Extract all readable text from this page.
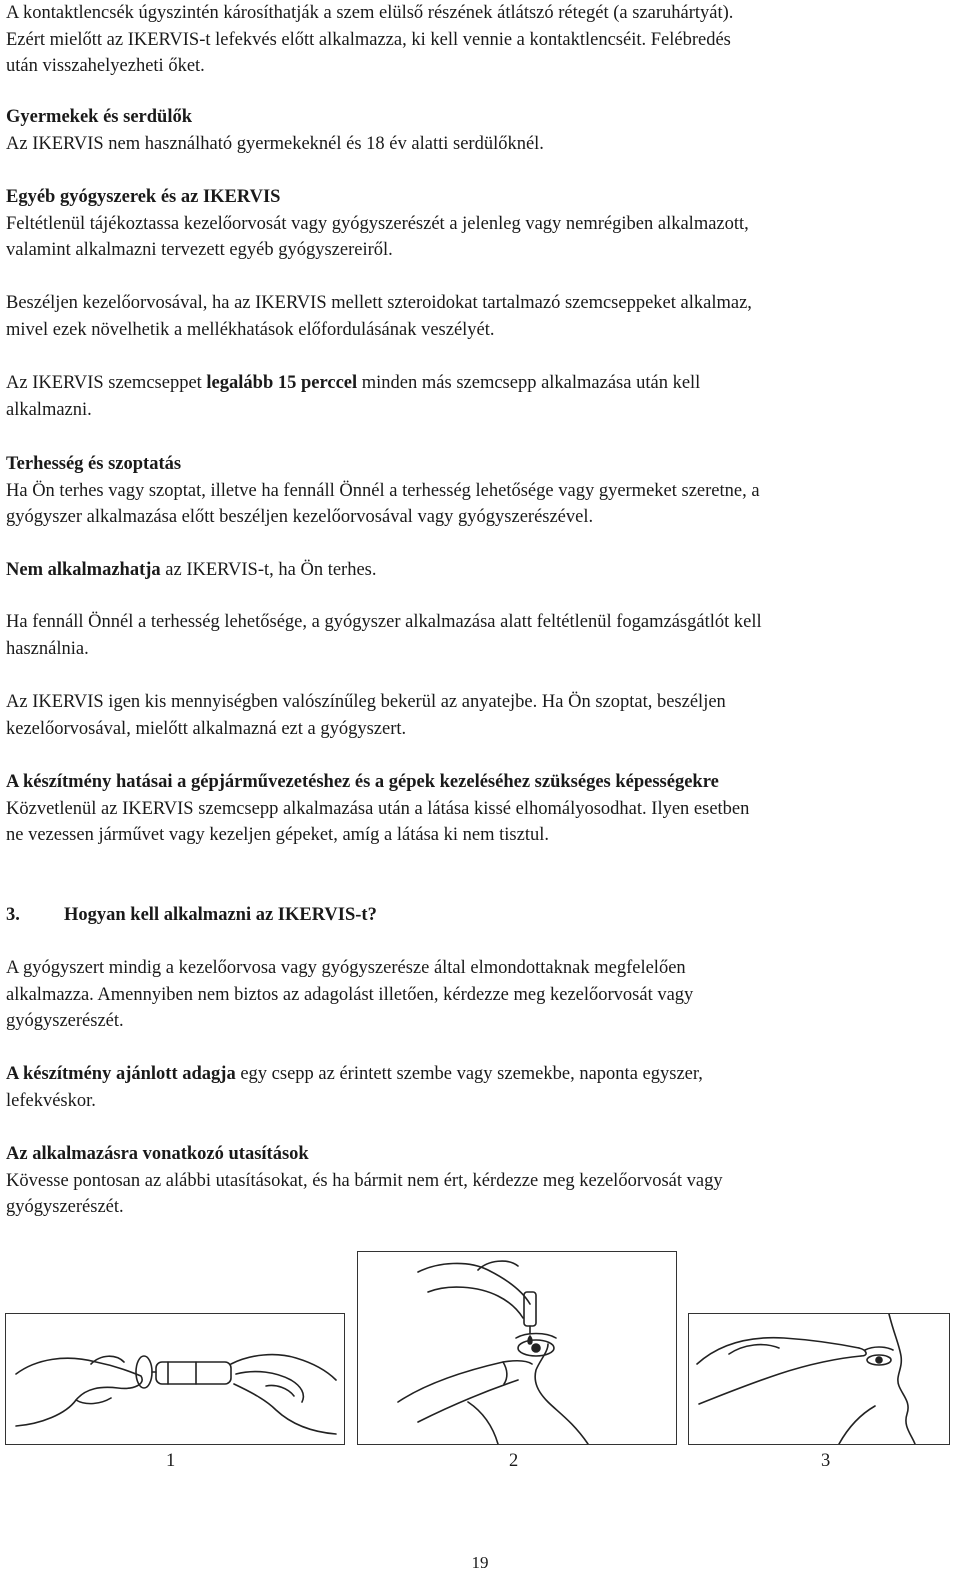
A kontaktlencsék úgyszintén károsíthatják a szem elülső részének átlátszó rétegét (a szaruhártyát).
Ezért mielőtt az IKERVIS-t lefekvés előtt alkalmazza, ki kell vennie a kontaktlencséit. Felébredés
után visszahelyezheti őket.

Gyermekek és serdülők
Az IKERVIS nem használható gyermekeknél és 18 év alatti serdülőknél.

Egyéb gyógyszerek és az IKERVIS
Feltétlenül tájékoztassa kezelőorvosát vagy gyógyszerészét a jelenleg vagy nemrégiben alkalmazott,
valamint alkalmazni tervezett egyéb gyógyszereiről.

Beszéljen kezelőorvosával, ha az IKERVIS mellett szteroidokat tartalmazó szemcseppeket alkalmaz,
mivel ezek növelhetik a mellékhatások előfordulásának veszélyét.

Az IKERVIS szemcseppet legalább 15 perccel minden más szemcsepp alkalmazása után kell
alkalmazni.

Terhesség és szoptatás
Ha Ön terhes vagy szoptat, illetve ha fennáll Önnél a terhesség lehetősége vagy gyermeket szeretne, a
gyógyszer alkalmazása előtt beszéljen kezelőorvosával vagy gyógyszerészével.

Nem alkalmazhatja az IKERVIS-t, ha Ön terhes.

Ha fennáll Önnél a terhesség lehetősége, a gyógyszer alkalmazása alatt feltétlenül fogamzásgátlót kell
használnia.

Az IKERVIS igen kis mennyiségben valószínűleg bekerül az anyatejbe. Ha Ön szoptat, beszéljen
kezelőorvosával, mielőtt alkalmazná ezt a gyógyszert.

A készítmény hatásai a gépjárművezetéshez és a gépek kezeléséhez szükséges képességekre
Közvetlenül az IKERVIS szemcsepp alkalmazása után a látása kissé elhomályosodhat. Ilyen esetben
ne vezessen járművet vagy kezeljen gépeket, amíg a látása ki nem tisztul.

3. Hogyan kell alkalmazni az IKERVIS-t?

A gyógyszert mindig a kezelőorvosa vagy gyógyszerésze által elmondottaknak megfelelően
alkalmazza. Amennyiben nem biztos az adagolást illetően, kérdezze meg kezelőorvosát vagy
gyógyszerészét.

A készítmény ajánlott adagja egy csepp az érintett szembe vagy szemekbe, naponta egyszer,
lefekvéskor.

Az alkalmazásra vonatkozó utasítások
Kövesse pontosan az alábbi utasításokat, és ha bármit nem ért, kérdezze meg kezelőorvosát vagy
gyógyszerészét.

1	2	3
19
